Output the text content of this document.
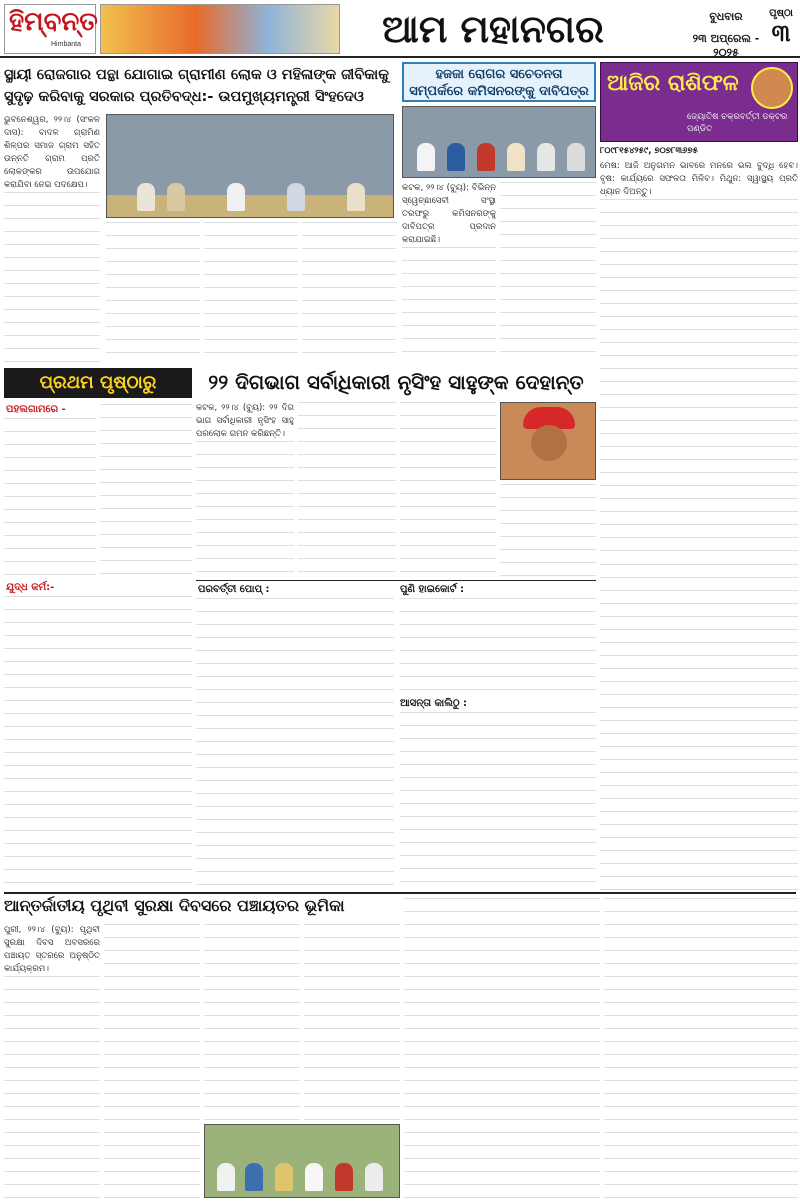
ହିମ୍ବନ୍ତ
Himbanta	ଆମ ମହାନଗର	ବୁଧବାର
୨୩ ଅପ୍ରେଲ - ୨୦୨୫
ପୃଷ୍ଠା
୩
ସ୍ଥାୟୀ ରୋଜଗାର ପନ୍ଥା ଯୋଗାଇ ଗ୍ରାମୀଣ ଲୋକ ଓ ମହିଳାଙ୍କ ଜୀବିକାକୁ ସୁଦୃଢ଼ କରିବାକୁ ସରକାର ପ୍ରତିବଦ୍ଧ:- ଉପମୁଖ୍ୟମନ୍ତ୍ରୀ ସିଂହଦେଓ
ଭୁବନେଶ୍ୱର, ୨୨।୪ (ସଂକଳ ଦାସ): ବାଦଳ ଗ୍ରାମିଣ ଶିଳ୍ପର ସମାଜ ଗ୍ରାମ ସହିତ ଉନ୍ନତି ଗ୍ରାମ ପ୍ରତି ଲୋକଙ୍କର ଉପଯୋଗ କରାଯିବା ନେଇ ପଦକ୍ଷେପ।
ହଜଜା ରୋଗର ସଚେତନତା ସମ୍ପର୍କରେ କମିସନରଙ୍କୁ ଦାବିପତ୍ର
କଟକ, ୨୨।୪ (ବ୍ୟୁ): ବିଭିନ୍ନ ସ୍ୱେଚ୍ଛାସେବୀ ସଂସ୍ଥା ତରଫରୁ କମିସନରଙ୍କୁ ଦାବିପତ୍ର ପ୍ରଦାନ କରାଯାଇଛି।
ଆଜିର ରାଶିଫଳ
ଜ୍ୟୋତିଷ ଚକ୍ରବର୍ତ୍ତୀ ଡକ୍ଟର ପଣ୍ଡିତ
୮୦୯୮୧୫୪୨୫୯, ୭୦୭୮୩୬୭୫
ମେଷ: ଆଜି ଅନୁଗମନ ଭାବରେ ମନରେ ଭଲ ବୁଦ୍ଧି ହେବ। ବୃଷ: କାର୍ଯ୍ୟରେ ସଫଳତା ମିଳିବ। ମିଥୁନ: ସ୍ୱାସ୍ଥ୍ୟ ପ୍ରତି ଧ୍ୟାନ ଦିଅନ୍ତୁ।
ପ୍ରଥମ ପୃଷ୍ଠାରୁ
ପହଲଗାମରେ -
ଯୁଦ୍ଧ କର୍ମ:-
୨୨ ଦିଗଭାଗ ସର୍ବାଧିକାରୀ ନୃସିଂହ ସାହୁଙ୍କ ଦେହାନ୍ତ
କଟକ, ୨୨।୪ (ବ୍ୟୁ): ୨୨ ଦିଗ ଭାଗ ସର୍ବାଧିକାରୀ ନୃସିଂହ ସାହୁ ପରଲୋକ ଗମନ କରିଛନ୍ତି।
ପରବର୍ତ୍ତୀ ପୋପ୍ :	ପୁଣି ହାଇକୋର୍ଟ :
ଆସନ୍ତା କାଲିଠୁ :
ଆନ୍ତର୍ଜାତୀୟ ପୃଥିବୀ ସୁରକ୍ଷା ଦିବସରେ ପଞ୍ଚାୟତର ଭୂମିକା
ପୁରୀ, ୨୨।୪ (ବ୍ୟୁ): ପୃଥିବୀ ସୁରକ୍ଷା ଦିବସ ଅବସରରେ ପଞ୍ଚାୟତ ସ୍ତରରେ ଅନୁଷ୍ଠିତ କାର୍ଯ୍ୟକ୍ରମ।
